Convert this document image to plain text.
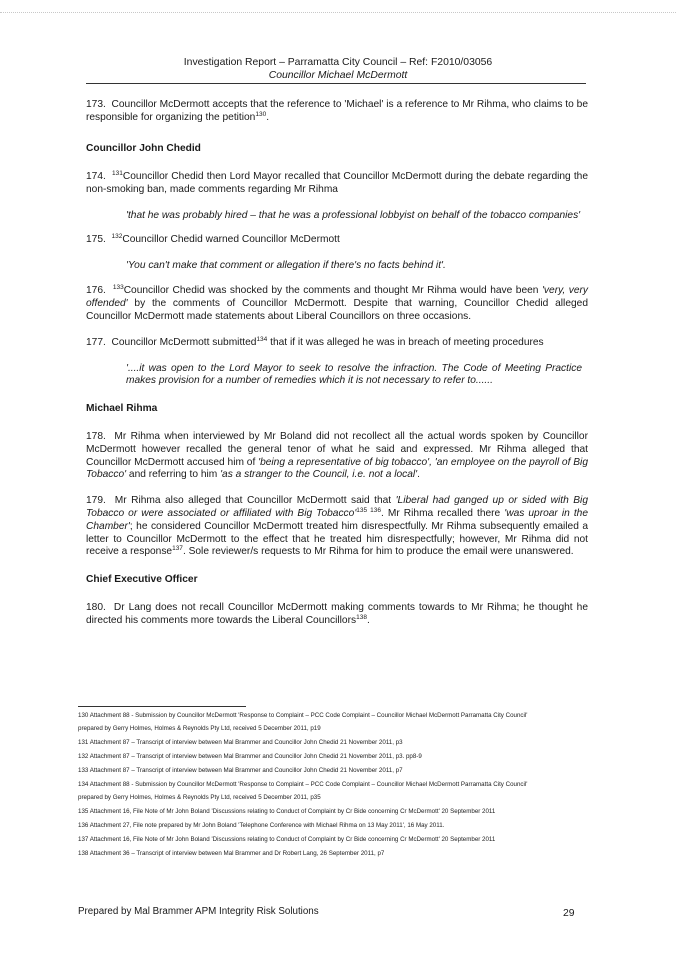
Investigation Report – Parramatta City Council – Ref: F2010/03056
Councillor Michael McDermott

173. Councillor McDermott accepts that the reference to 'Michael' is a reference to Mr Rihma, who claims to be responsible for organizing the petition$^{130}$.

Councillor John Chedid

174. $^{131}$Councillor Chedid then Lord Mayor recalled that Councillor McDermott during the debate regarding the non-smoking ban, made comments regarding Mr Rihma

'that he was probably hired – that he was a professional lobbyist on behalf of the tobacco companies'

175. $^{132}$Councillor Chedid warned Councillor McDermott

'You can't make that comment or allegation if there's no facts behind it'.

176. $^{133}$Councillor Chedid was shocked by the comments and thought Mr Rihma would have been 'very, very offended' by the comments of Councillor McDermott. Despite that warning, Councillor Chedid alleged Councillor McDermott made statements about Liberal Councillors on three occasions.

177. Councillor McDermott submitted$^{134}$ that if it was alleged he was in breach of meeting procedures

'....it was open to the Lord Mayor to seek to resolve the infraction. The Code of Meeting Practice makes provision for a number of remedies which it is not necessary to refer to......

Michael Rihma

178. Mr Rihma when interviewed by Mr Boland did not recollect all the actual words spoken by Councillor McDermott however recalled the general tenor of what he said and expressed. Mr Rihma alleged that Councillor McDermott accused him of 'being a representative of big tobacco', 'an employee on the payroll of Big Tobacco' and referring to him 'as a stranger to the Council, i.e. not a local'.

179. Mr Rihma also alleged that Councillor McDermott said that 'Liberal had ganged up or sided with Big Tobacco or were associated or affiliated with Big $Tobacco'^{135 136}$. Mr Rihma recalled there 'was uproar in the Chamber'; he considered Councillor McDermott treated him disrespectfully. Mr Rihma subsequently emailed a letter to Councillor McDermott to the effect that he treated him disrespectfully; however, Mr Rihma did not receive a response$^{137}$. Sole reviewer/s requests to Mr Rihma for him to produce the email were unanswered.

Chief Executive Officer

180. Dr Lang does not recall Councillor McDermott making comments towards to Mr Rihma; he thought he directed his comments more towards the Liberal Councillors$^{138}$.

130 Attachment 88 - Submission by Councillor McDermott 'Response to Complaint – PCC Code Complaint – Councillor Michael McDermott Parramatta City Council'
prepared by Gerry Holmes, Holmes & Reynolds Pty Ltd, received 5 December 2011, p19
131 Attachment 87 – Transcript of interview between Mal Brammer and Councillor John Chedid 21 November 2011, p3
132 Attachment 87 – Transcript of interview between Mal Brammer and Councillor John Chedid 21 November 2011, p3. pp8-9
133 Attachment 87 – Transcript of interview between Mal Brammer and Councillor John Chedid 21 November 2011, p7
134 Attachment 88 - Submission by Councillor McDermott 'Response to Complaint – PCC Code Complaint – Councillor Michael McDermott Parramatta City Council'
prepared by Gerry Holmes, Holmes & Reynolds Pty Ltd, received 5 December 2011, p35
135 Attachment 16, File Note of Mr John Boland 'Discussions relating to Conduct of Complaint by Cr Bide concerning Cr McDermott' 20 September 2011
136 Attachment 27, File note prepared by Mr John Boland 'Telephone Conference with Michael Rihma on 13 May 2011', 16 May 2011.
137 Attachment 16, File Note of Mr John Boland 'Discussions relating to Conduct of Complaint by Cr Bide concerning Cr McDermott' 20 September 2011
138 Attachment 36 – Transcript of interview between Mal Brammer and Dr Robert Lang, 26 September 2011, p7
Prepared by Mal Brammer APM Integrity Risk Solutions	29
